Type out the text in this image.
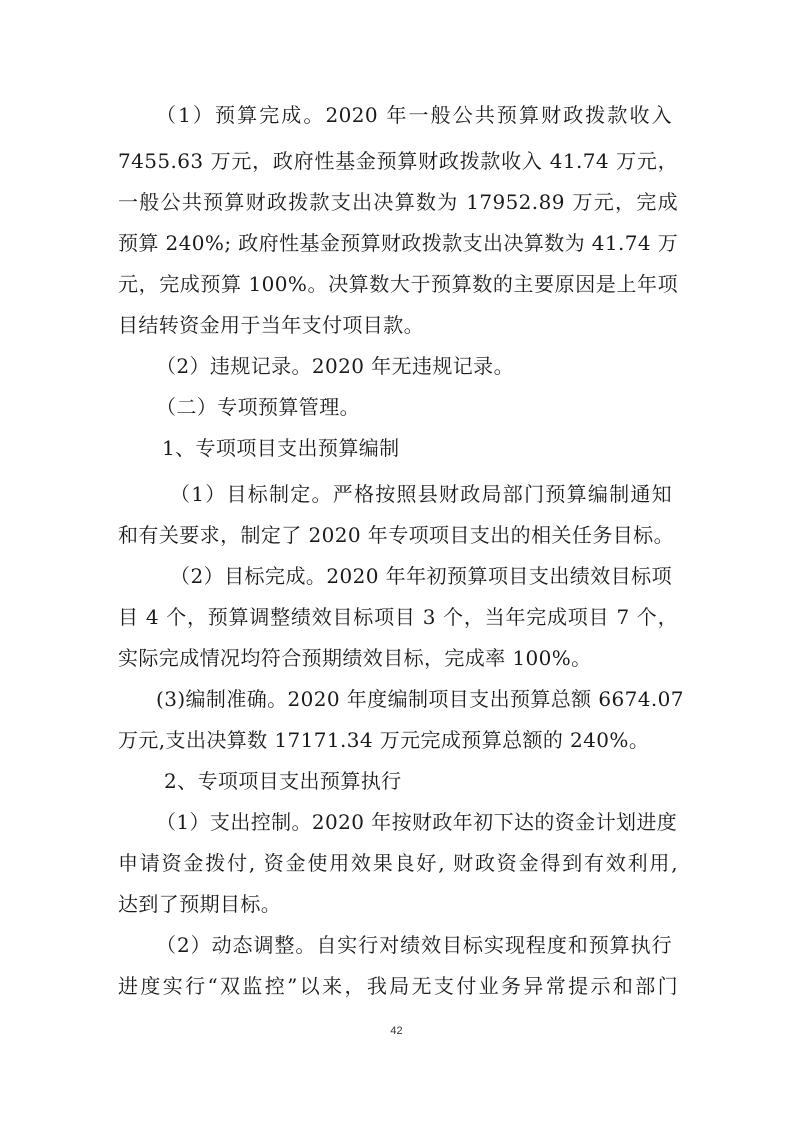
（1）预算完成。2020 年一般公共预算财政拨款收入

7455.63 万元，政府性基金预算财政拨款收入 41.74 万元，

一般公共预算财政拨款支出决算数为 17952.89 万元，完成

预算 240%; 政府性基金预算财政拨款支出决算数为 41.74 万

元，完成预算 100%。决算数大于预算数的主要原因是上年项

目结转资金用于当年支付项目款。

（2）违规记录。2020 年无违规记录。

（二）专项预算管理。

1、专项项目支出预算编制

（1）目标制定。严格按照县财政局部门预算编制通知

和有关要求，制定了 2020 年专项项目支出的相关任务目标。

（2）目标完成。2020 年年初预算项目支出绩效目标项

目 4 个，预算调整绩效目标项目 3 个，当年完成项目 7 个，

实际完成情况均符合预期绩效目标，完成率 100%。

(3)编制准确。2020 年度编制项目支出预算总额 6674.07

万元,支出决算数 17171.34 万元完成预算总额的 240%。

2、专项项目支出预算执行

（1）支出控制。2020 年按财政年初下达的资金计划进度

申请资金拨付, 资金使用效果良好, 财政资金得到有效利用,

达到了预期目标。

（2）动态调整。自实行对绩效目标实现程度和预算执行

进度实行“双监控”以来，我局无支付业务异常提示和部门

42
